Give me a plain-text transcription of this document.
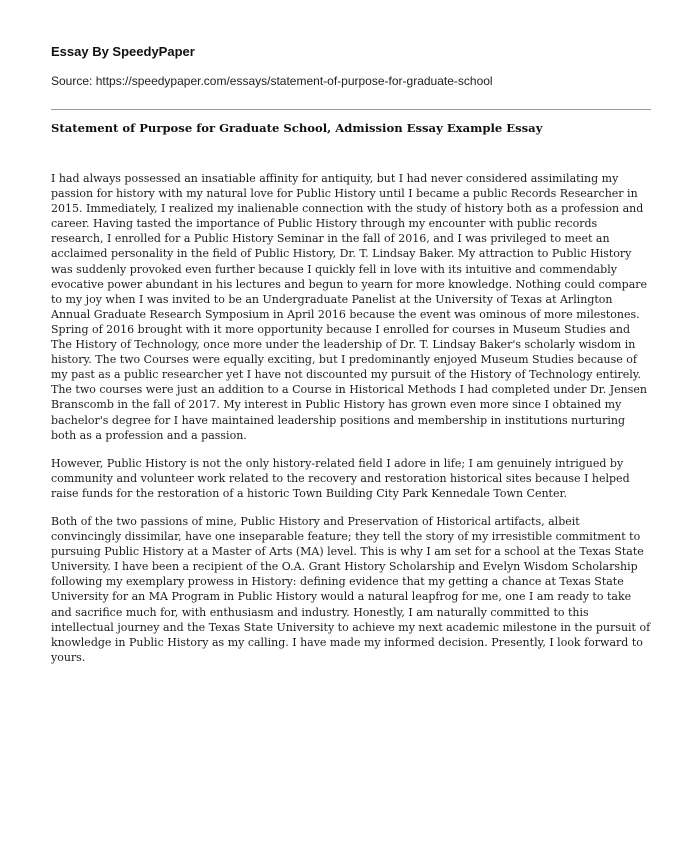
Essay By SpeedyPaper

Source: https://speedypaper.com/essays/statement-of-purpose-for-graduate-school

Statement of Purpose for Graduate School, Admission Essay Example Essay

I had always possessed an insatiable affinity for antiquity, but I had never considered assimilating my passion for history with my natural love for Public History until I became a public Records Researcher in 2015. Immediately, I realized my inalienable connection with the study of history both as a profession and career. Having tasted the importance of Public History through my encounter with public records research, I enrolled for a Public History Seminar in the fall of 2016, and I was privileged to meet an acclaimed personality in the field of Public History, Dr. T. Lindsay Baker. My attraction to Public History was suddenly provoked even further because I quickly fell in love with its intuitive and commendably evocative power abundant in his lectures and begun to yearn for more knowledge. Nothing could compare to my joy when I was invited to be an Undergraduate Panelist at the University of Texas at Arlington Annual Graduate Research Symposium in April 2016 because the event was ominous of more milestones. Spring of 2016 brought with it more opportunity because I enrolled for courses in Museum Studies and The History of Technology, once more under the leadership of Dr. T. Lindsay Baker's scholarly wisdom in history. The two Courses were equally exciting, but I predominantly enjoyed Museum Studies because of my past as a public researcher yet I have not discounted my pursuit of the History of Technology entirely. The two courses were just an addition to a Course in Historical Methods I had completed under Dr. Jensen Branscomb in the fall of 2017. My interest in Public History has grown even more since I obtained my bachelor's degree for I have maintained leadership positions and membership in institutions nurturing both as a profession and a passion.

However, Public History is not the only history-related field I adore in life; I am genuinely intrigued by community and volunteer work related to the recovery and restoration historical sites because I helped raise funds for the restoration of a historic Town Building City Park Kennedale Town Center.

Both of the two passions of mine, Public History and Preservation of Historical artifacts, albeit convincingly dissimilar, have one inseparable feature; they tell the story of my irresistible commitment to pursuing Public History at a Master of Arts (MA) level. This is why I am set for a school at the Texas State University. I have been a recipient of the O.A. Grant History Scholarship and Evelyn Wisdom Scholarship following my exemplary prowess in History: defining evidence that my getting a chance at Texas State University for an MA Program in Public History would a natural leapfrog for me, one I am ready to take and sacrifice much for, with enthusiasm and industry. Honestly, I am naturally committed to this intellectual journey and the Texas State University to achieve my next academic milestone in the pursuit of knowledge in Public History as my calling. I have made my informed decision. Presently, I look forward to yours.
